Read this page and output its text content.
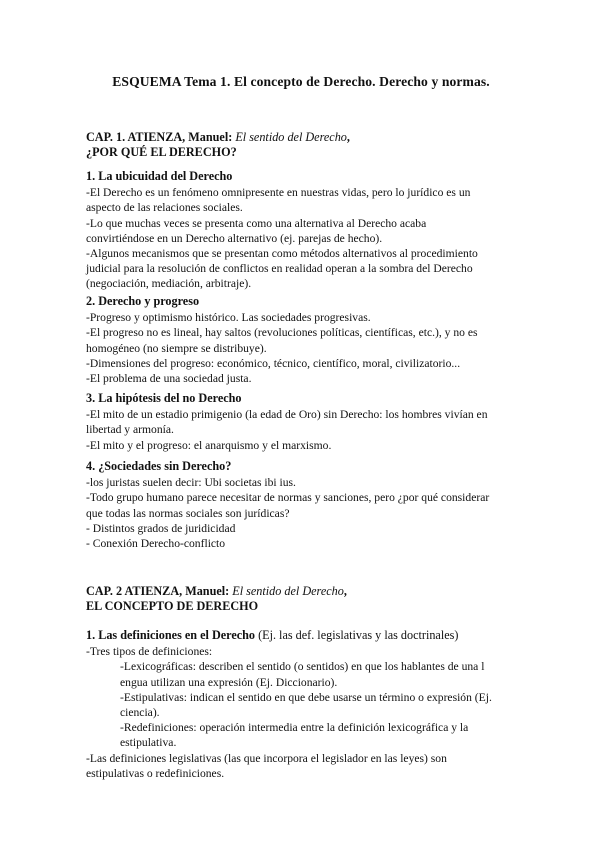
ESQUEMA Tema 1. El concepto de Derecho. Derecho y normas.
CAP. 1. ATIENZA, Manuel: El sentido del Derecho,
¿POR QUÉ EL DERECHO?
1. La ubicuidad del Derecho

-El Derecho es un fenómeno omnipresente en nuestras vidas, pero lo jurídico es un

aspecto de las relaciones sociales.

-Lo que muchas veces se presenta como una alternativa al Derecho acaba

convirtiéndose en un Derecho alternativo (ej. parejas de hecho).

-Algunos mecanismos que se presentan como métodos alternativos al procedimiento

judicial para la resolución de conflictos en realidad operan a la sombra del Derecho

(negociación, mediación, arbitraje).

2. Derecho y progreso

-Progreso y optimismo histórico. Las sociedades progresivas.

-El progreso no es lineal, hay saltos (revoluciones políticas, científicas, etc.), y no es

homogéneo (no siempre se distribuye).

-Dimensiones del progreso: económico, técnico, científico, moral, civilizatorio...

-El problema de una sociedad justa.

3. La hipótesis del no Derecho

-El mito de un estadio primigenio (la edad de Oro) sin Derecho: los hombres vivían en

libertad y armonía.

-El mito y el progreso: el anarquismo y el marxismo.

4. ¿Sociedades sin Derecho?

-los juristas suelen decir: Ubi societas ibi ius.

-Todo grupo humano parece necesitar de normas y sanciones, pero ¿por qué considerar

que todas las normas sociales son jurídicas?

- Distintos grados de juridicidad

- Conexión Derecho-conflicto

CAP. 2 ATIENZA, Manuel: El sentido del Derecho,
EL CONCEPTO DE DERECHO
1. Las definiciones en el Derecho (Ej. las def. legislativas y las doctrinales)

-Tres tipos de definiciones:

-Lexicográficas: describen el sentido (o sentidos) en que los hablantes de una l

engua utilizan una expresión (Ej. Diccionario).

-Estipulativas: indican el sentido en que debe usarse un término o expresión (Ej.

ciencia).

-Redefiniciones: operación intermedia entre la definición lexicográfica y la

estipulativa.

-Las definiciones legislativas (las que incorpora el legislador en las leyes) son

estipulativas o redefiniciones.
